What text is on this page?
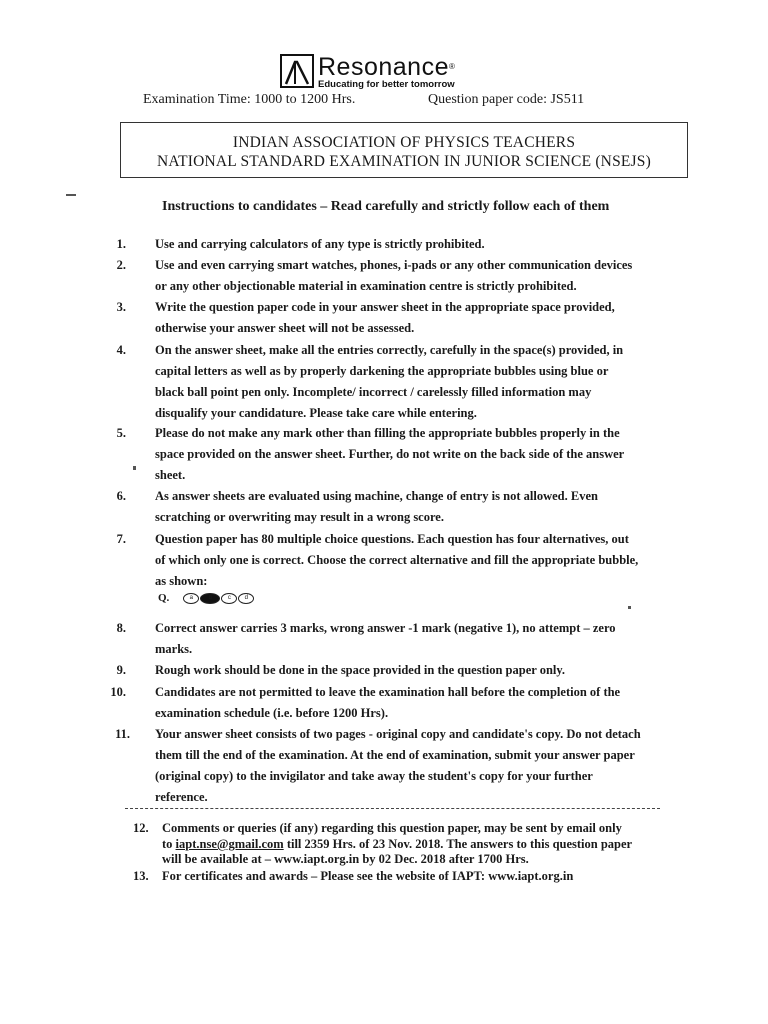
Resonance®
Educating for better tomorrow
Examination Time: 1000 to 1200 Hrs.	Question paper code: JS511
INDIAN ASSOCIATION OF PHYSICS TEACHERS
NATIONAL STANDARD EXAMINATION IN JUNIOR SCIENCE (NSEJS)
Instructions to candidates – Read carefully and strictly follow each of them
1. Use and carrying calculators of any type is strictly prohibited.
2. Use and even carrying smart watches, phones, i-pads or any other communication devices
or any other objectionable material in examination centre is strictly prohibited.
3. Write the question paper code in your answer sheet in the appropriate space provided,
otherwise your answer sheet will not be assessed.
4. On the answer sheet, make all the entries correctly, carefully in the space(s) provided, in
capital letters as well as by properly darkening the appropriate bubbles using blue or
black ball point pen only. Incomplete/ incorrect / carelessly filled information may
disqualify your candidature. Please take care while entering.
5. Please do not make any mark other than filling the appropriate bubbles properly in the
space provided on the answer sheet. Further, do not write on the back side of the answer
sheet.
6. As answer sheets are evaluated using machine, change of entry is not allowed. Even
scratching or overwriting may result in a wrong score.
7. Question paper has 80 multiple choice questions. Each question has four alternatives, out
of which only one is correct. Choose the correct alternative and fill the appropriate bubble,
as shown:
8. Correct answer carries 3 marks, wrong answer -1 mark (negative 1), no attempt – zero
marks.
9. Rough work should be done in the space provided in the question paper only.
10. Candidates are not permitted to leave the examination hall before the completion of the
examination schedule (i.e. before 1200 Hrs).
11. Your answer sheet consists of two pages - original copy and candidate's copy. Do not detach
them till the end of the examination. At the end of examination, submit your answer paper
(original copy) to the invigilator and take away the student's copy for your further
reference.
Q.	a	b	c	d
12. Comments or queries (if any) regarding this question paper, may be sent by email only
to iapt.nse@gmail.com till 2359 Hrs. of 23 Nov. 2018. The answers to this question paper
will be available at – www.iapt.org.in by 02 Dec. 2018 after 1700 Hrs.
13. For certificates and awards – Please see the website of IAPT: www.iapt.org.in
